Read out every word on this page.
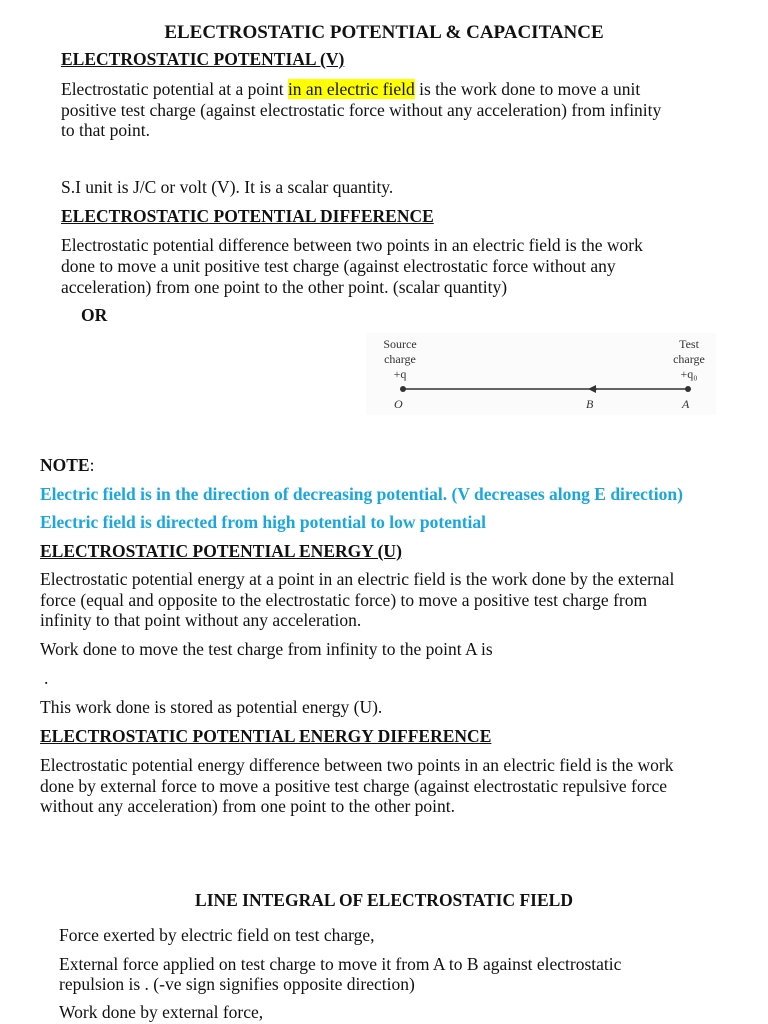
ELECTROSTATIC POTENTIAL & CAPACITANCE
ELECTROSTATIC POTENTIAL (V)
Electrostatic potential at a point in an electric field is the work done to move a unit
positive test charge (against electrostatic force without any acceleration) from infinity
to that point.
S.I unit is J/C or volt (V). It is a scalar quantity.
ELECTROSTATIC POTENTIAL DIFFERENCE
Electrostatic potential difference between two points in an electric field is the work
done to move a unit positive test charge (against electrostatic force without any
acceleration) from one point to the other point. (scalar quantity)
OR
Source
charge
+q
Test
charge
+q₀
O	B	A
NOTE:
Electric field is in the direction of decreasing potential. (V decreases along E direction)
Electric field is directed from high potential to low potential
ELECTROSTATIC POTENTIAL ENERGY (U)
Electrostatic potential energy at a point in an electric field is the work done by the external
force (equal and opposite to the electrostatic force) to move a positive test charge from
infinity to that point without any acceleration.
Work done to move the test charge from infinity to the point A is
.
This work done is stored as potential energy (U).
ELECTROSTATIC POTENTIAL ENERGY DIFFERENCE
Electrostatic potential energy difference between two points in an electric field is the work
done by external force to move a positive test charge (against electrostatic repulsive force
without any acceleration) from one point to the other point.
LINE INTEGRAL OF ELECTROSTATIC FIELD
Force exerted by electric field on test charge,
External force applied on test charge to move it from A to B against electrostatic
repulsion is . (-ve sign signifies opposite direction)
Work done by external force,
